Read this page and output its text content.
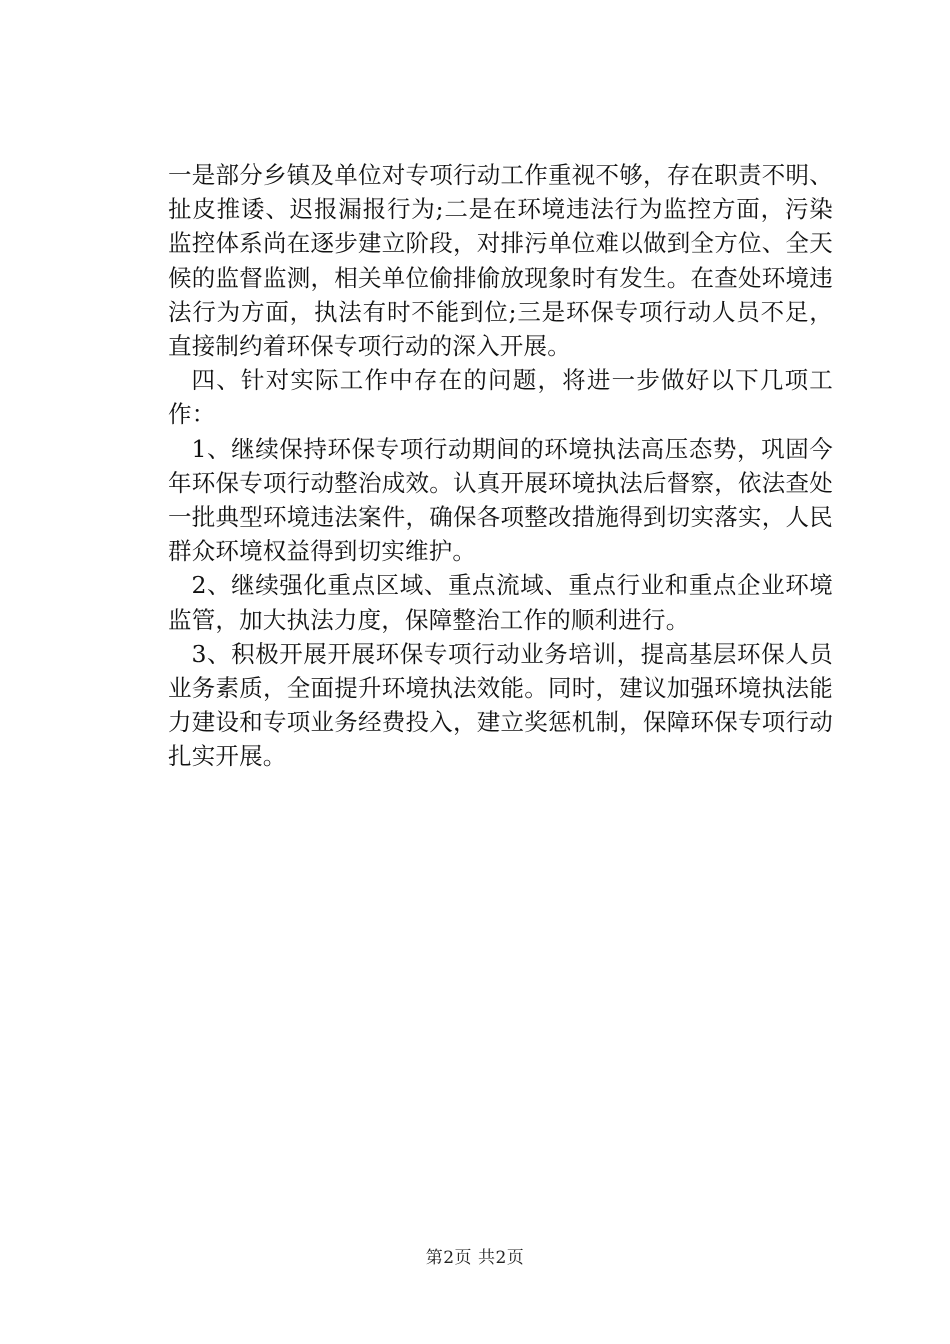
一是部分乡镇及单位对专项行动工作重视不够，存在职责不明、扯皮推诿、迟报漏报行为;二是在环境违法行为监控方面，污染监控体系尚在逐步建立阶段，对排污单位难以做到全方位、全天候的监督监测，相关单位偷排偷放现象时有发生。在查处环境违法行为方面，执法有时不能到位;三是环保专项行动人员不足，直接制约着环保专项行动的深入开展。

四、针对实际工作中存在的问题，将进一步做好以下几项工作：

1、继续保持环保专项行动期间的环境执法高压态势，巩固今年环保专项行动整治成效。认真开展环境执法后督察，依法查处一批典型环境违法案件，确保各项整改措施得到切实落实，人民群众环境权益得到切实维护。

2、继续强化重点区域、重点流域、重点行业和重点企业环境监管，加大执法力度，保障整治工作的顺利进行。

3、积极开展开展环保专项行动业务培训，提高基层环保人员业务素质，全面提升环境执法效能。同时，建议加强环境执法能力建设和专项业务经费投入，建立奖惩机制，保障环保专项行动扎实开展。

第2页 共2页
